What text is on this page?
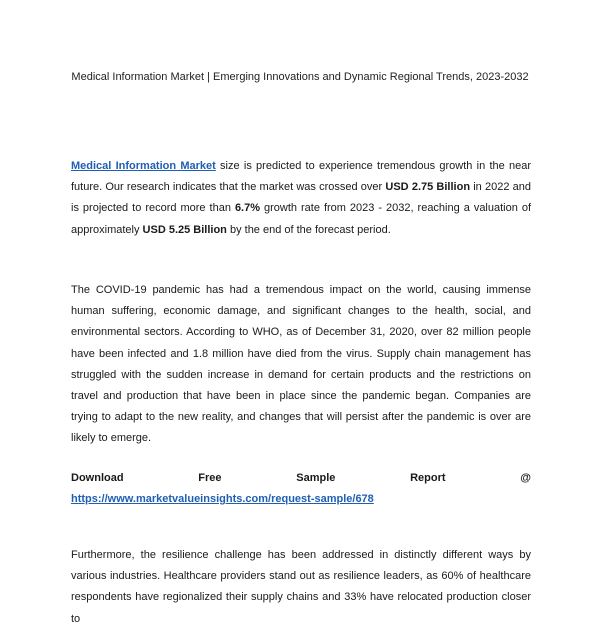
Medical Information Market | Emerging Innovations and Dynamic Regional Trends, 2023-2032

Medical Information Market size is predicted to experience tremendous growth in the near future. Our research indicates that the market was crossed over USD 2.75 Billion in 2022 and is projected to record more than 6.7% growth rate from 2023 - 2032, reaching a valuation of approximately USD 5.25 Billion by the end of the forecast period.

The COVID-19 pandemic has had a tremendous impact on the world, causing immense human suffering, economic damage, and significant changes to the health, social, and environmental sectors. According to WHO, as of December 31, 2020, over 82 million people have been infected and 1.8 million have died from the virus. Supply chain management has struggled with the sudden increase in demand for certain products and the restrictions on travel and production that have been in place since the pandemic began. Companies are trying to adapt to the new reality, and changes that will persist after the pandemic is over are likely to emerge.

Download Free Sample Report @ https://www.marketvalueinsights.com/request-sample/678

Furthermore, the resilience challenge has been addressed in distinctly different ways by various industries. Healthcare providers stand out as resilience leaders, as 60% of healthcare respondents have regionalized their supply chains and 33% have relocated production closer to
